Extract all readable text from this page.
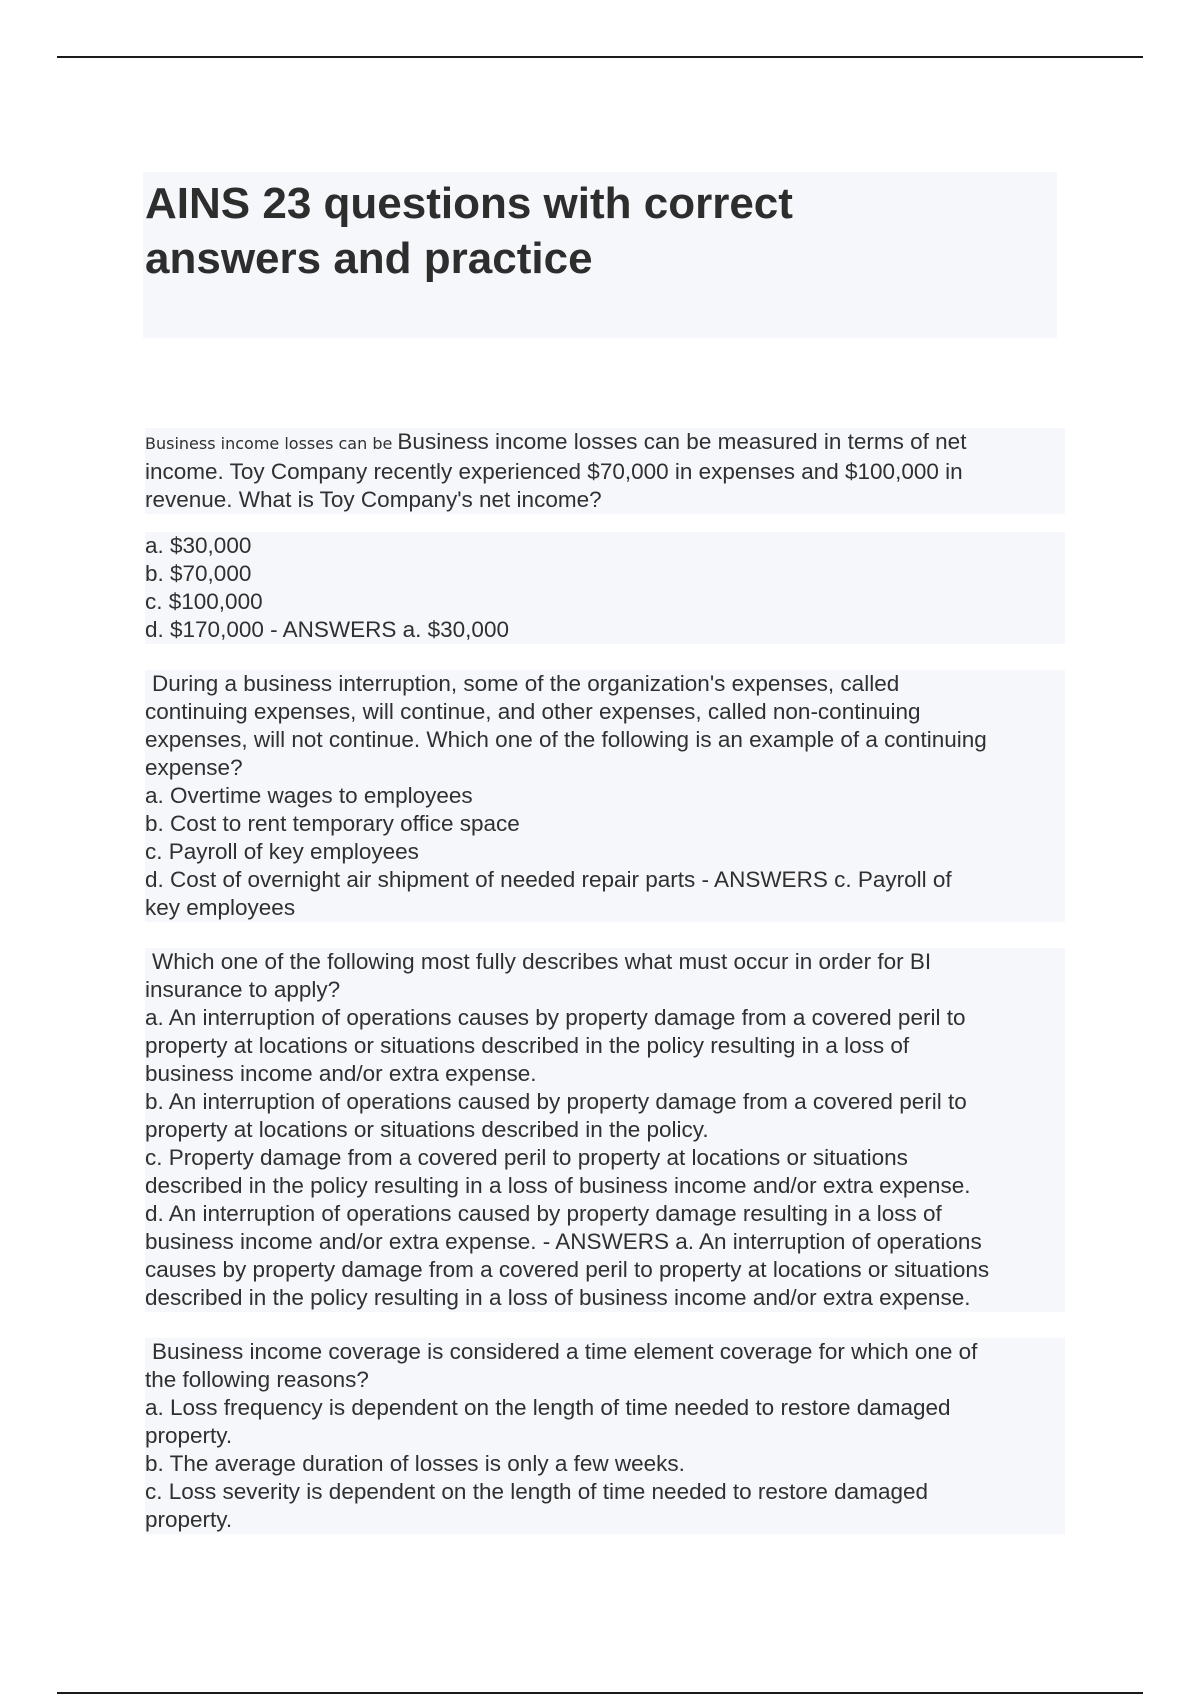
AINS 23 questions with correct answers and practice
Business income losses can be Business income losses can be measured in terms of net
income. Toy Company recently experienced $70,000 in expenses and $100,000 in
revenue. What is Toy Company's net income?
a. $30,000
b. $70,000
c. $100,000
d. $170,000 - ANSWERS a. $30,000
During a business interruption, some of the organization's expenses, called
continuing expenses, will continue, and other expenses, called non-continuing
expenses, will not continue. Which one of the following is an example of a continuing
expense?
a. Overtime wages to employees
b. Cost to rent temporary office space
c. Payroll of key employees
d. Cost of overnight air shipment of needed repair parts - ANSWERS c. Payroll of
key employees
Which one of the following most fully describes what must occur in order for BI
insurance to apply?
a. An interruption of operations causes by property damage from a covered peril to
property at locations or situations described in the policy resulting in a loss of
business income and/or extra expense.
b. An interruption of operations caused by property damage from a covered peril to
property at locations or situations described in the policy.
c. Property damage from a covered peril to property at locations or situations
described in the policy resulting in a loss of business income and/or extra expense.
d. An interruption of operations caused by property damage resulting in a loss of
business income and/or extra expense. - ANSWERS a. An interruption of operations
causes by property damage from a covered peril to property at locations or situations
described in the policy resulting in a loss of business income and/or extra expense.
Business income coverage is considered a time element coverage for which one of
the following reasons?
a. Loss frequency is dependent on the length of time needed to restore damaged
property.
b. The average duration of losses is only a few weeks.
c. Loss severity is dependent on the length of time needed to restore damaged
property.
